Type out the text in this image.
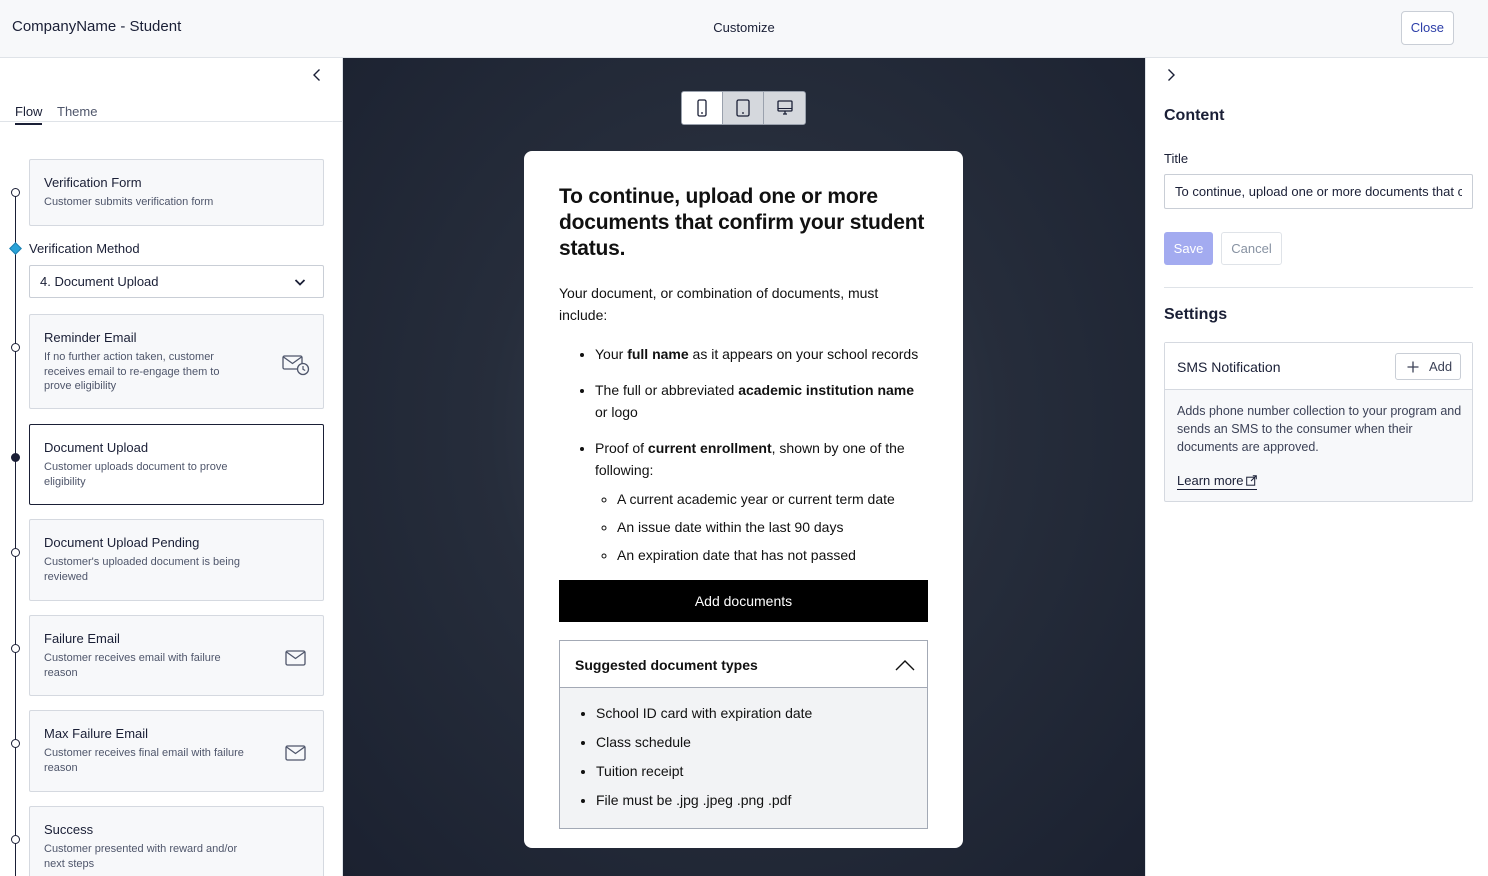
CompanyName - Student	Customize	Close
Flow Theme
Verification Form
Customer submits verification form
Verification Method
4. Document Upload
Reminder Email
If no further action taken, customer receives email to re-engage them to prove eligibility
Document Upload
Customer uploads document to prove eligibility
Document Upload Pending
Customer's uploaded document is being reviewed
Failure Email
Customer receives email with failure reason
Max Failure Email
Customer receives final email with failure reason
Success
Customer presented with reward and/or next steps
To continue, upload one or more documents that confirm your student status.
Your document, or combination of documents, must include:
• Your full name as it appears on your school records
• The full or abbreviated academic institution name or logo
• Proof of current enrollment, shown by one of the following:
◦ A current academic year or current term date
◦ An issue date within the last 90 days
◦ An expiration date that has not passed
Add documents
Suggested document types
• School ID card with expiration date
• Class schedule
• Tuition receipt
• File must be .jpg .jpeg .png .pdf
Content
Title
To continue, upload one or more documents that confirm your student status.
Save	Cancel
Settings
SMS Notification	Add
Adds phone number collection to your program and sends an SMS to the consumer when their documents are approved.
Learn more
